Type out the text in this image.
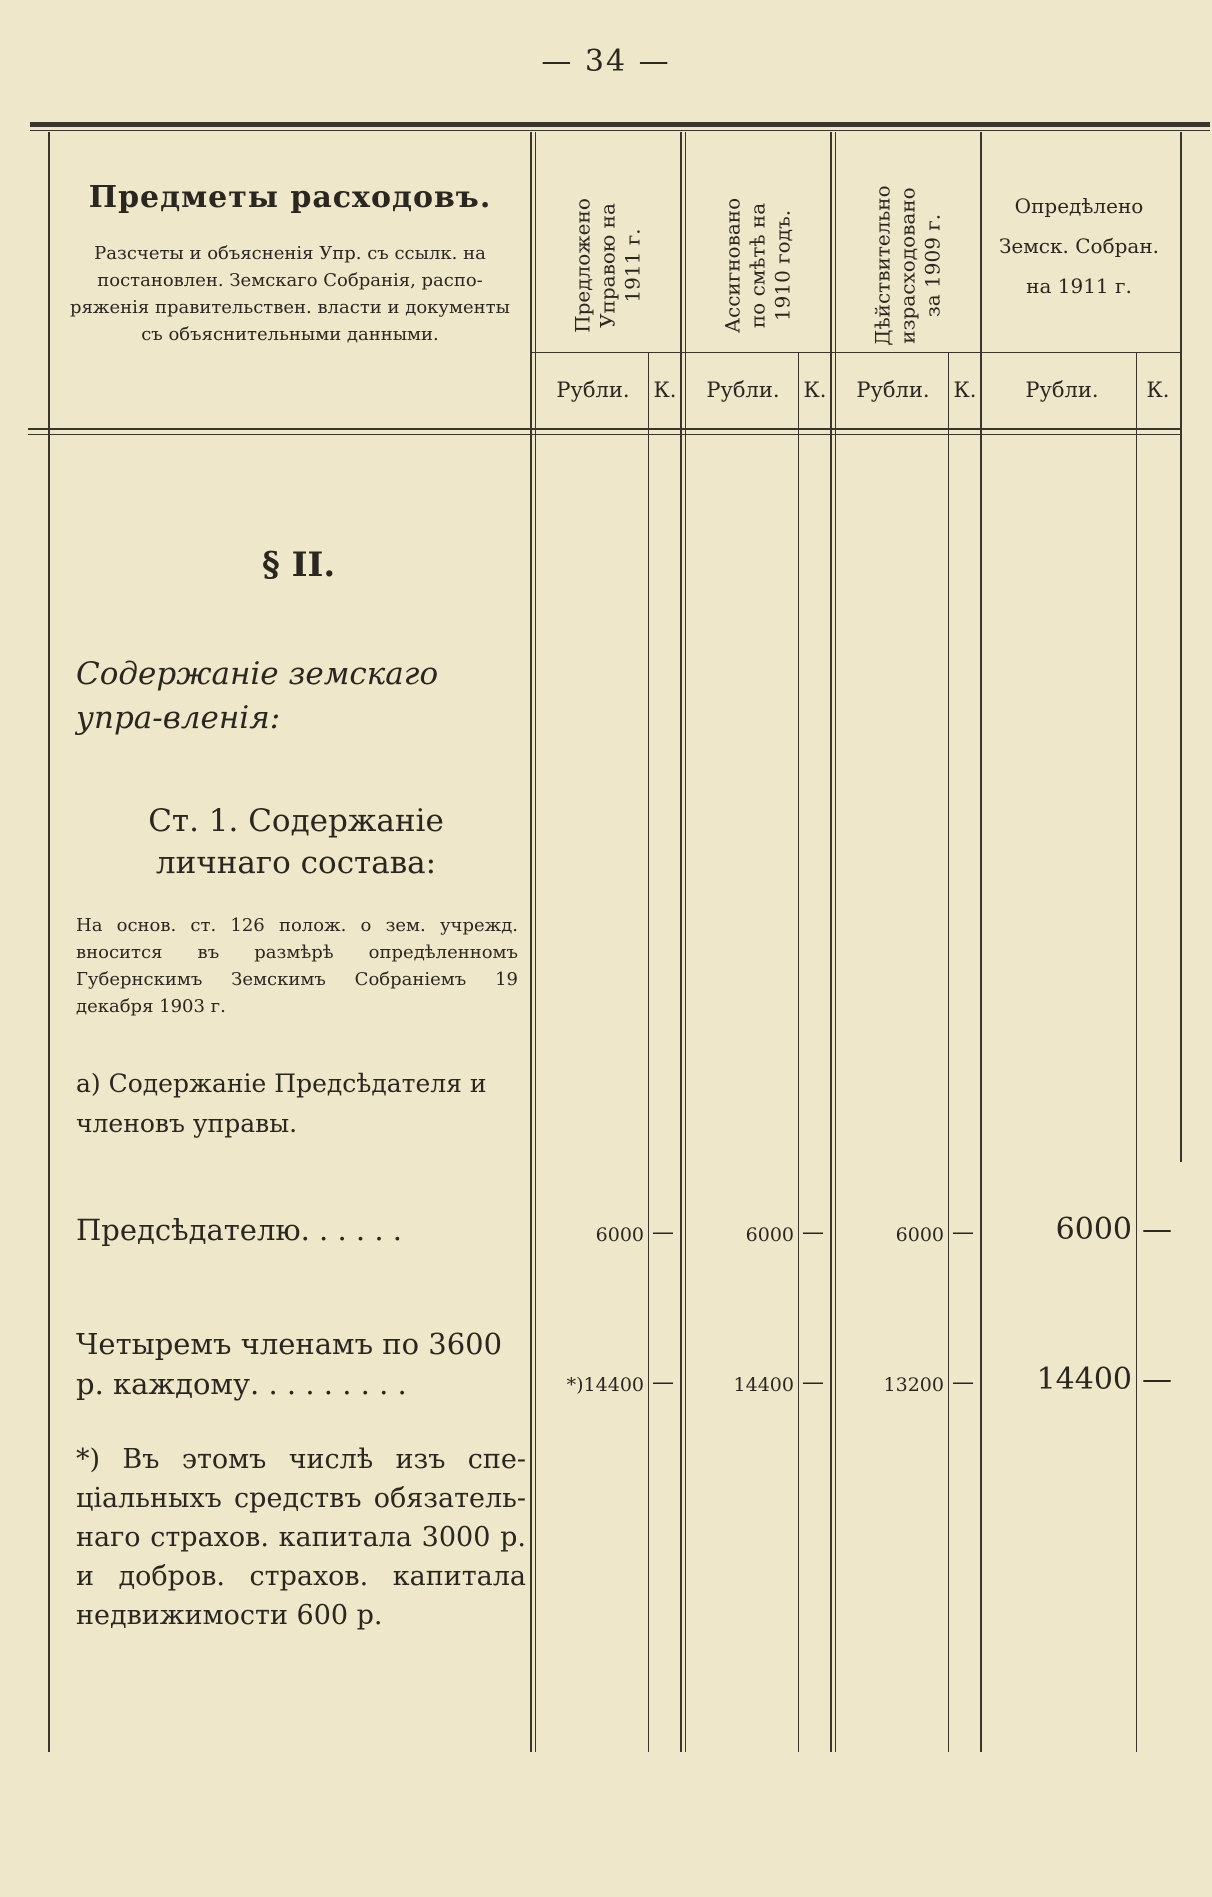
— 34 —
Предметы расходовъ.
Разсчеты и объясненія Упр. съ ссылк. на постановлен. Земскаго Собранія, распо-ряженія правительствен. власти и документы съ объяснительными данными.
Предложено
Управою на
1911 г.	Ассигновано
по смѣтѣ на
1910 годъ.	Дѣйствительно
израсходовано
за 1909 г.
Опредѣлено
Земск. Собран.
на 1911 г.
Рубли.	К.	Рубли.	К.	Рубли.	К.	Рубли.	К.
§ II.
Содержаніе земскаго упра-вленія:
Ст. 1. Содержаніе личнаго состава:
На основ. ст. 126 полож. о зем. учрежд. вносится въ размѣрѣ опредѣленномъ Губернскимъ Земскимъ Собраніемъ 19 декабря 1903 г.
а) Содержаніе Предсѣдателя и членовъ управы.
Предсѣдателю. . . . . .	6000 —	6000 —	6000 —	6000 —
Четыремъ членамъ по 3600 р. каждому. . . . . . . . .	*)14400 —	14400 —	13200 —	14400 —
*) Въ этомъ числѣ изъ спе-ціальныхъ средствъ обязатель-наго страхов. капитала 3000 р. и добров. страхов. капитала недвижимости 600 р.
